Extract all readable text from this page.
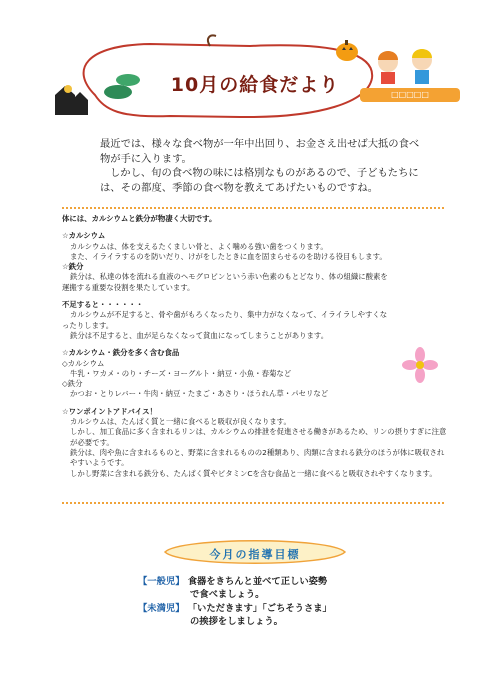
10月の給食だより	□□□□□

最近では、様々な食べ物が一年中出回り、お金さえ出せば大抵の食べ

物が手に入ります。

しかし、旬の食べ物の味には格別なものがあるので、子どもたちに

は、その都度、季節の食べ物を教えてあげたいものですね。

体には、カルシウムと鉄分が物凄く大切です。

☆カルシウム

カルシウムは、体を支えるたくましい骨と、よく噛める強い歯をつくります。

また、イライラするのを防いだり、けがをしたときに血を固まらせるのを助ける役目もします。

☆鉄分

鉄分は、私達の体を流れる血液のヘモグロビンという赤い色素のもとどなり、体の組織に酸素を

運搬する重要な役割を果たしています。

不足すると・・・・・・

カルシウムが不足すると、骨や歯がもろくなったり、集中力がなくなって、イライラしやすくな

ったりします。

鉄分は不足すると、血が足らなくなって貧血になってしまうことがあります。

☆カルシウム・鉄分を多く含む食品

◇カルシウム

牛乳・ワカメ・のり・チーズ・ヨーグルト・納豆・小魚・春菊など

◇鉄分

かつお・とりレバー・牛肉・納豆・たまご・あさり・ほうれん草・パセリなど

☆ワンポイントアドバイス！

カルシウムは、たんぱく質と一緒に食べると吸収が良くなります。

しかし、加工食品に多く含まれるリンは、カルシウムの排泄を促進させる働きがあるため、リンの摂りすぎに注意が必要です。

鉄分は、肉や魚に含まれるものと、野菜に含まれるものの2種類あり、肉類に含まれる鉄分のほうが体に吸収されやすいようです。

しかし野菜に含まれる鉄分も、たんぱく質やビタミンCを含む食品と一緒に食べると吸収されやすくなります。

今月の指導目標

【一般児】 食器をきちんと並べて正しい姿勢

で食べましょう。

【未満児】 「いただきます」「ごちそうさま」

の挨拶をしましょう。
